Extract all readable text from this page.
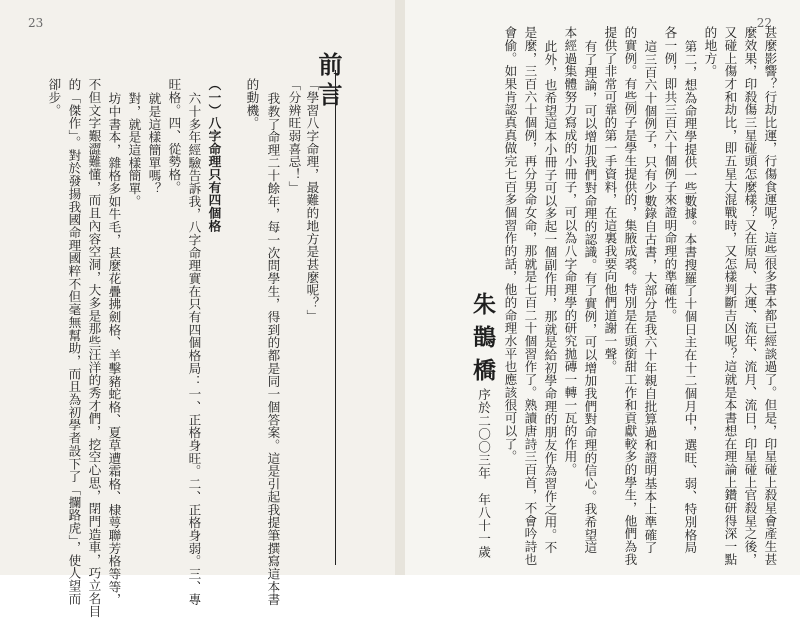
23
前言
「學習八字命理，最難的地方是甚麼呢？」
「分辨旺弱喜忌！」
我教了命理二十餘年，每一次問學生，得到的都是同一個答案。這是引起我提筆撰寫這本書
的動機。
（一）八字命理只有四個格
六十多年經驗告訴我，八字命理實在只有四個格局：一、正格身旺。二、正格身弱。三、專
旺格。四、從勢格。
就是這樣簡單嗎？
對，就是這樣簡單。
坊中書本，雜格多如牛毛，甚麼花疊拂劍格、羊擊豬蛇格、夏草遭霜格、棣萼聯芳格等等，
不但文字艱澀難懂，而且內容空洞，大多是那些汪洋的秀才們，挖空心思，閉門造車，巧立名目
的「傑作」。對於發揚我國命理國粹不但毫無幫助，而且為初學者設下了「攔路虎」，使人望而
卻步。
22
甚麼影響？行劫比運，行傷食運呢？這些很多書本都已經談過了。但是，印星碰上殺星會產生甚
麼效果，印殺傷三星碰頭怎麼樣？又在原局、大運、流年、流月、流日，印星碰上官殺星之後，
又碰上傷才和劫比，即五星大混戰時，又怎樣判斷吉凶呢？這就是本書想在理論上鑽研得深一點
的地方。
第二，想為命理學提供一些數據。本書搜羅了十個日主在十二個月中，選旺、弱、特別格局
各一例，即共三百六十個例子來證明命理的準確性。
這三百六十個例子，只有少數錄自古書，大部分是我六十年親自批算過和證明基本上準確了
的實例。有些例子是學生提供的，集腋成裘。特別是在頭銜甜工作和貢獻較多的學生，他們為我
提供了非常可靠的第一手資料，在這裏我要向他們道謝一聲。
有了理論，可以增加我們對命理的認識。有了實例，可以增加我們對命理的信心。我希望這
本經過集體努力寫成的小冊子，可以為八字命理學的研究拋磚一轉一瓦的作用。
此外，也希望這本小冊子可以多起一個副作用，那就是給初學命理的朋友作為習作之用。不
是麼，三百六十個例，再分男命女命，那就是七百二十個習作了。熟讀唐詩三百首，不會吟詩也
會偷。如果肯認真真做完七百多個習作的話，他的命理水平也應該很可以了。
朱鵲橋
序於二〇〇三年　年八十一歲
